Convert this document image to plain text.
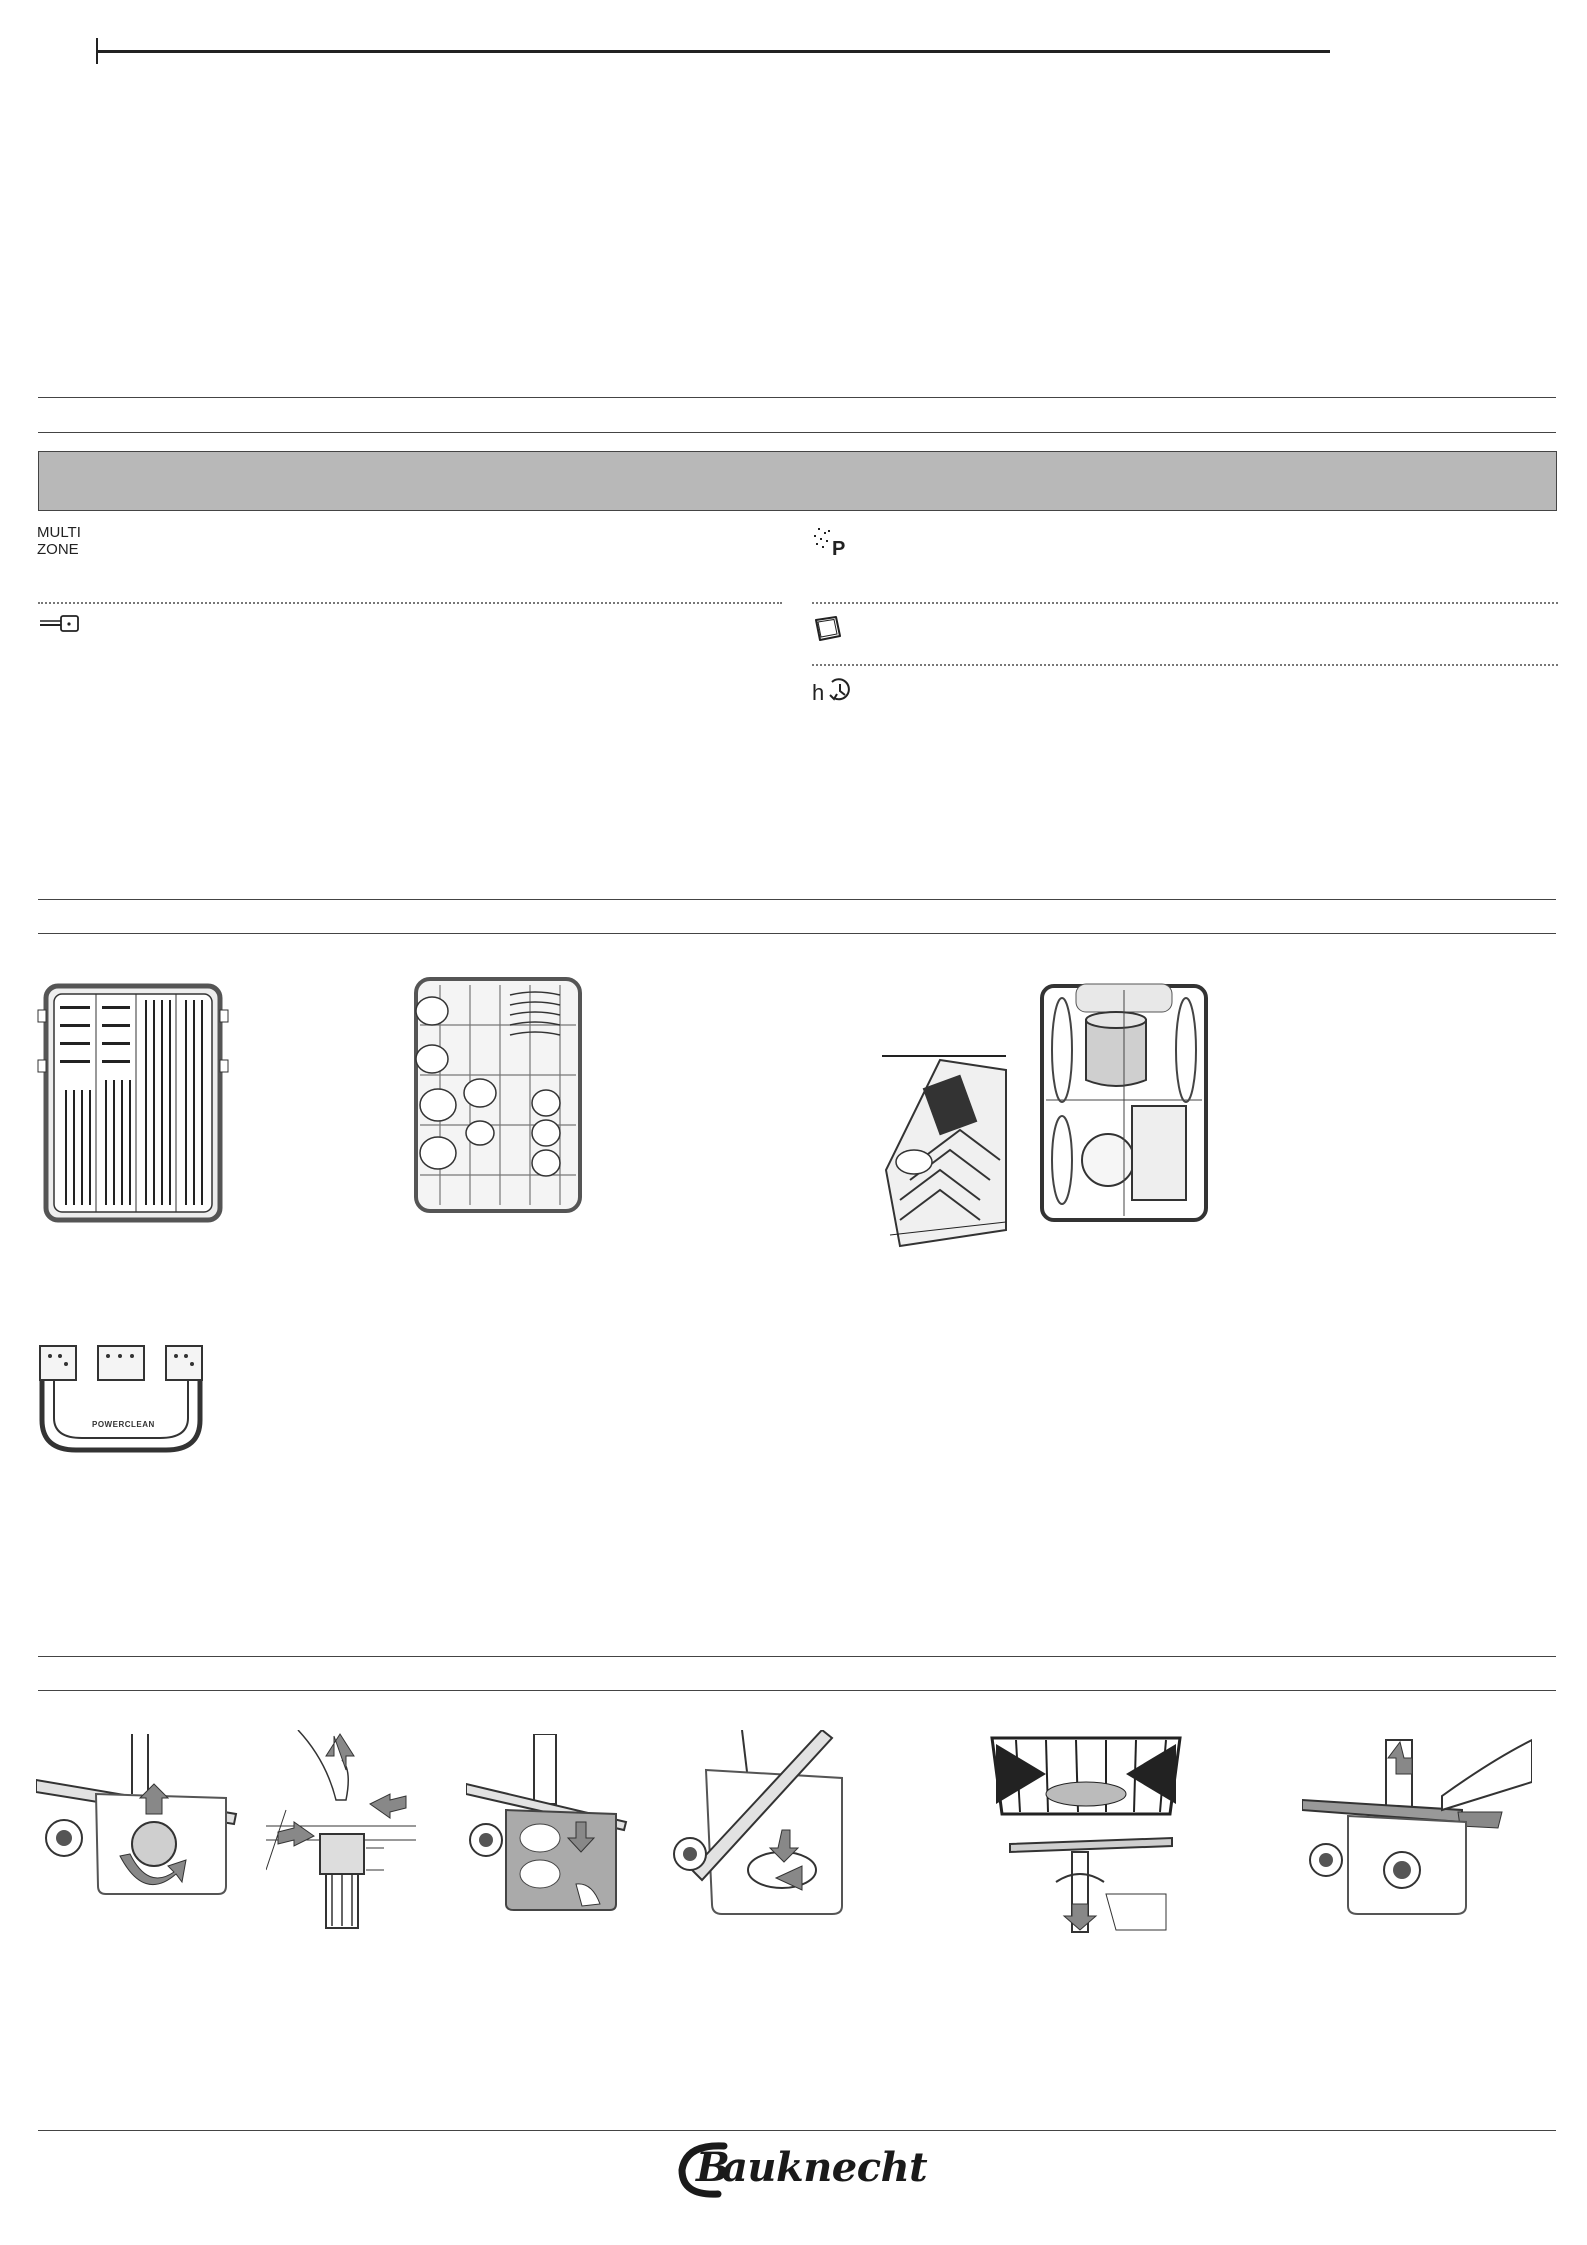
MULTI
ZONE	P
h
POWERCLEAN
B
auknecht
